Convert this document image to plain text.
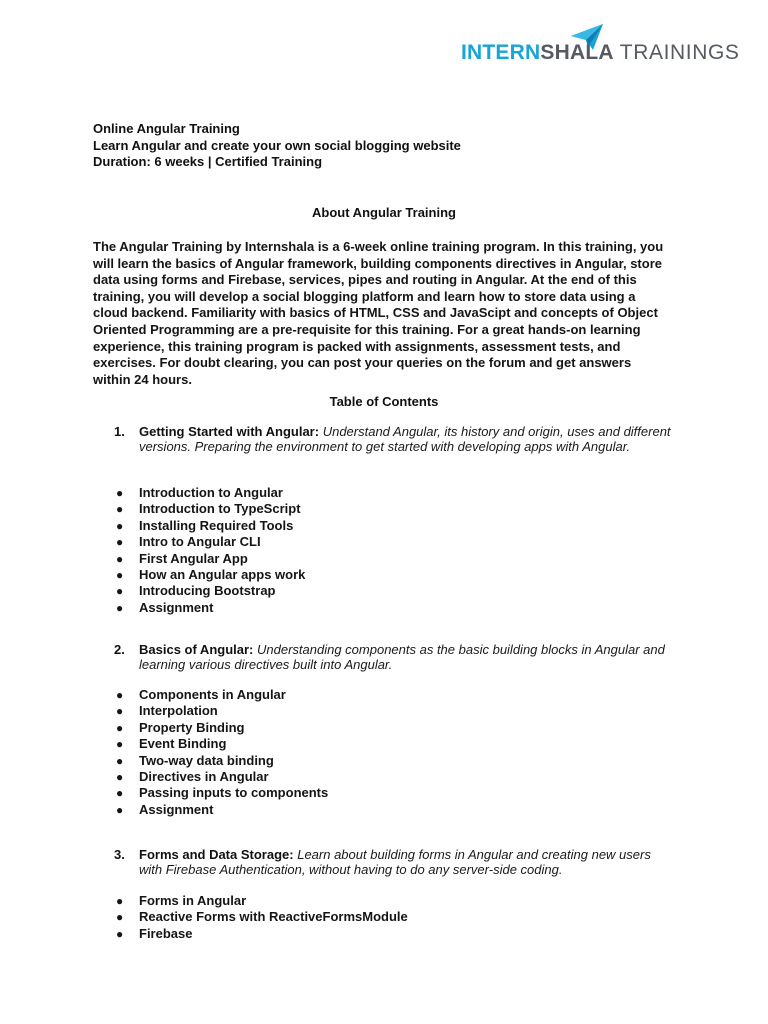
INTERNSHALA TRAININGS
Online Angular Training
Learn Angular and create your own social blogging website
Duration: 6 weeks | Certified Training
About Angular Training
The Angular Training by Internshala is a 6-week online training program. In this training, you will learn the basics of Angular framework, building components directives in Angular, store data using forms and Firebase, services, pipes and routing in Angular. At the end of this training, you will develop a social blogging platform and learn how to store data using a cloud backend. Familiarity with basics of HTML, CSS and JavaScipt and concepts of Object Oriented Programming are a pre-requisite for this training. For a great hands-on learning experience, this training program is packed with assignments, assessment tests, and exercises. For doubt clearing, you can post your queries on the forum and get answers within 24 hours.
Table of Contents
1. Getting Started with Angular: Understand Angular, its history and origin, uses and different versions. Preparing the environment to get started with developing apps with Angular.
● Introduction to Angular
● Introduction to TypeScript
● Installing Required Tools
● Intro to Angular CLI
● First Angular App
● How an Angular apps work
● Introducing Bootstrap
● Assignment
2. Basics of Angular: Understanding components as the basic building blocks in Angular and learning various directives built into Angular.
● Components in Angular
● Interpolation
● Property Binding
● Event Binding
● Two-way data binding
● Directives in Angular
● Passing inputs to components
● Assignment
3. Forms and Data Storage: Learn about building forms in Angular and creating new users with Firebase Authentication, without having to do any server-side coding.
● Forms in Angular
● Reactive Forms with ReactiveFormsModule
● Firebase
